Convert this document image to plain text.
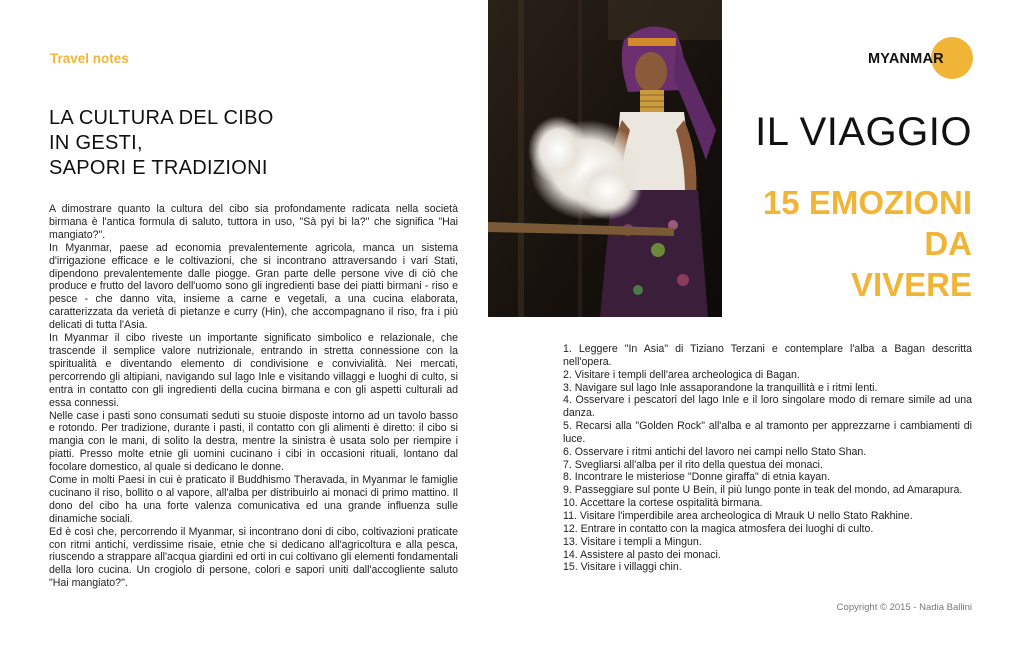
Travel notes
LA CULTURA DEL CIBO
IN GESTI,
SAPORI E TRADIZIONI

A dimostrare quanto la cultura del cibo sia profondamente radicata nella società birmana è l'antica formula di saluto, tuttora in uso, "Sà pyi bi la?" che significa "Hai mangiato?".

In Myanmar, paese ad economia prevalentemente agricola, manca un sistema d'irrigazione efficace e le coltivazioni, che si incontrano attraversando i vari Stati, dipendono prevalentemente dalle piogge. Gran parte delle persone vive di ciò che produce e frutto del lavoro dell'uomo sono gli ingredienti base dei piatti birmani - riso e pesce - che danno vita, insieme a carne e vegetali, a una cucina elaborata, caratterizzata da verietà di pietanze e curry (Hin), che accompagnano il riso, fra i più delicati di tutta l'Asia.

In Myanmar il cibo riveste un importante significato simbolico e relazionale, che trascende il semplice valore nutrizionale, entrando in stretta connessione con la spiritualità e diventando elemento di condivisione e convivialità. Nei mercati, percorrendo gli altipiani, navigando sul lago Inle e visitando villaggi e luoghi di culto, si entra in contatto con gli ingredienti della cucina birmana e con gli aspetti culturali ad essa connessi.

Nelle case i pasti sono consumati seduti su stuoie disposte intorno ad un tavolo basso e rotondo. Per tradizione, durante i pasti, il contatto con gli alimenti è diretto: il cibo si mangia con le mani, di solito la destra, mentre la sinistra è usata solo per riempire i piatti. Presso molte etnie gli uomini cucinano i cibi in occasioni rituali, lontano dal focolare domestico, al quale si dedicano le donne.

Come in molti Paesi in cui è praticato il Buddhismo Theravada, in Myanmar le famiglie cucinano il riso, bollito o al vapore, all'alba per distribuirlo ai monaci di primo mattino. Il dono del cibo ha una forte valenza comunicativa ed una grande influenza sulle dinamiche sociali.

Ed è così che, percorrendo il Myanmar, si incontrano doni di cibo, coltivazioni praticate con ritmi antichi, verdissime risaie, etnie che si dedicano all'agricoltura e alla pesca, riuscendo a strappare all'acqua giardini ed orti in cui coltivano gli elementi fondamentali della loro cucina. Un crogiolo di persone, colori e sapori uniti dall'accogliente saluto "Hai mangiato?".

MYANMAR
IL VIAGGIO
15 EMOZIONI
DA
VIVERE
1. Leggere "In Asia" di Tiziano Terzani e contemplare l'alba a Bagan descritta nell'opera.
2. Visitare i templi dell'area archeologica di Bagan.
3. Navigare sul lago Inle assaporandone la tranquillità e i ritmi lenti.
4. Osservare i pescatori del lago Inle e il loro singolare modo di remare simile ad una danza.
5. Recarsi alla "Golden Rock" all'alba e al tramonto per apprezzarne i cambiamenti di luce.
6. Osservare i ritmi antichi del lavoro nei campi nello Stato Shan.
7. Svegliarsi all'alba per il rito della questua dei monaci.
8. Incontrare le misteriose "Donne giraffa" di etnia kayan.
9. Passeggiare sul ponte U Bein, il più lungo ponte in teak del mondo, ad Amarapura.
10. Accettare la cortese ospitalità birmana.
11. Visitare l'imperdibile area archeologica di Mrauk U nello Stato Rakhine.
12. Entrare in contatto con la magica atmosfera dei luoghi di culto.
13. Visitare i templi a Mingun.
14. Assistere al pasto dei monaci.
15. Visitare i villaggi chin.
Copyright © 2015 - Nadia Ballini
